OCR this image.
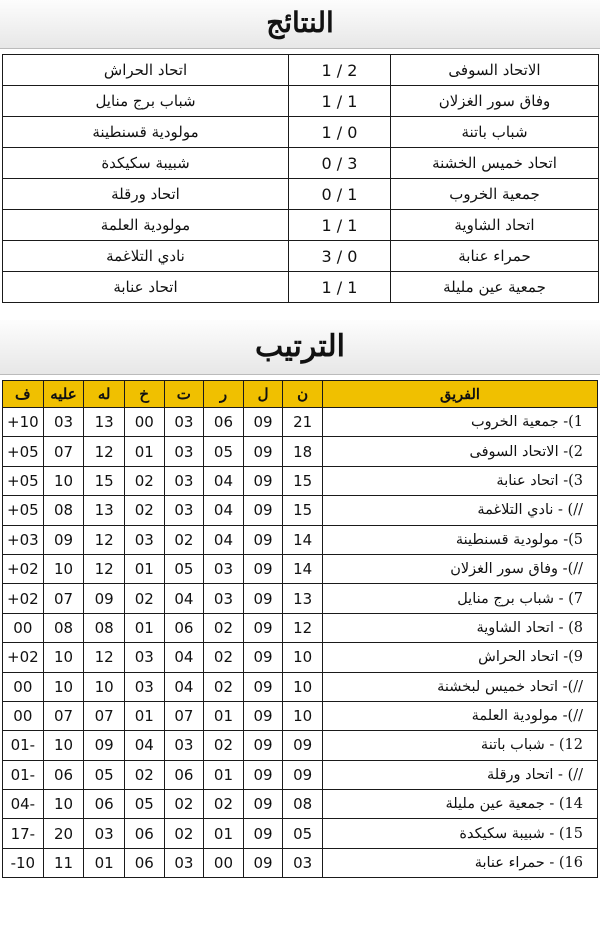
النتائج
اتحاد الحراش	1 / 2	الاتحاد السوفى
شباب برج منايل	1 / 1	وفاق سور الغزلان
مولودية قسنطينة	1 / 0	شباب باتنة
شبيبة سكيكدة	0 / 3	اتحاد خميس الخشنة
اتحاد ورقلة	0 / 1	جمعية الخروب
مولودية العلمة	1 / 1	اتحاد الشاوية
نادي التلاغمة	3 / 0	حمراء عنابة
اتحاد عنابة	1 / 1	جمعية عين مليلة
الترتيب
ف	عليه	له	خ	ت	ر	ل	ن	الفريق
+10	03	13	00	03	06	09	21	1)- جمعية الخروب
+05	07	12	01	03	05	09	18	2)- الاتحاد السوفى
+05	10	15	02	03	04	09	15	3)- اتحاد عنابة
+05	08	13	02	03	04	09	15	//) - نادي التلاغمة
+03	09	12	03	02	04	09	14	5)- مولودية قسنطينة
+02	10	12	01	05	03	09	14	//)- وفاق سور الغزلان
+02	07	09	02	04	03	09	13	7) - شباب برج منايل
00	08	08	01	06	02	09	12	8) - اتحاد الشاوية
+02	10	12	03	04	02	09	10	9)- اتحاد الحراش
00	10	10	03	04	02	09	10	//)- اتحاد خميس لبخشنة
00	07	07	01	07	01	09	10	//)- مولودية العلمة
01-	10	09	04	03	02	09	09	12) - شباب باتنة
01-	06	05	02	06	01	09	09	//) - اتحاد ورقلة
04-	10	06	05	02	02	09	08	14) - جمعية عين مليلة
17-	20	03	06	02	01	09	05	15) - شبيبة سكيكدة
-10	11	01	06	03	00	09	03	16) - حمراء عنابة
